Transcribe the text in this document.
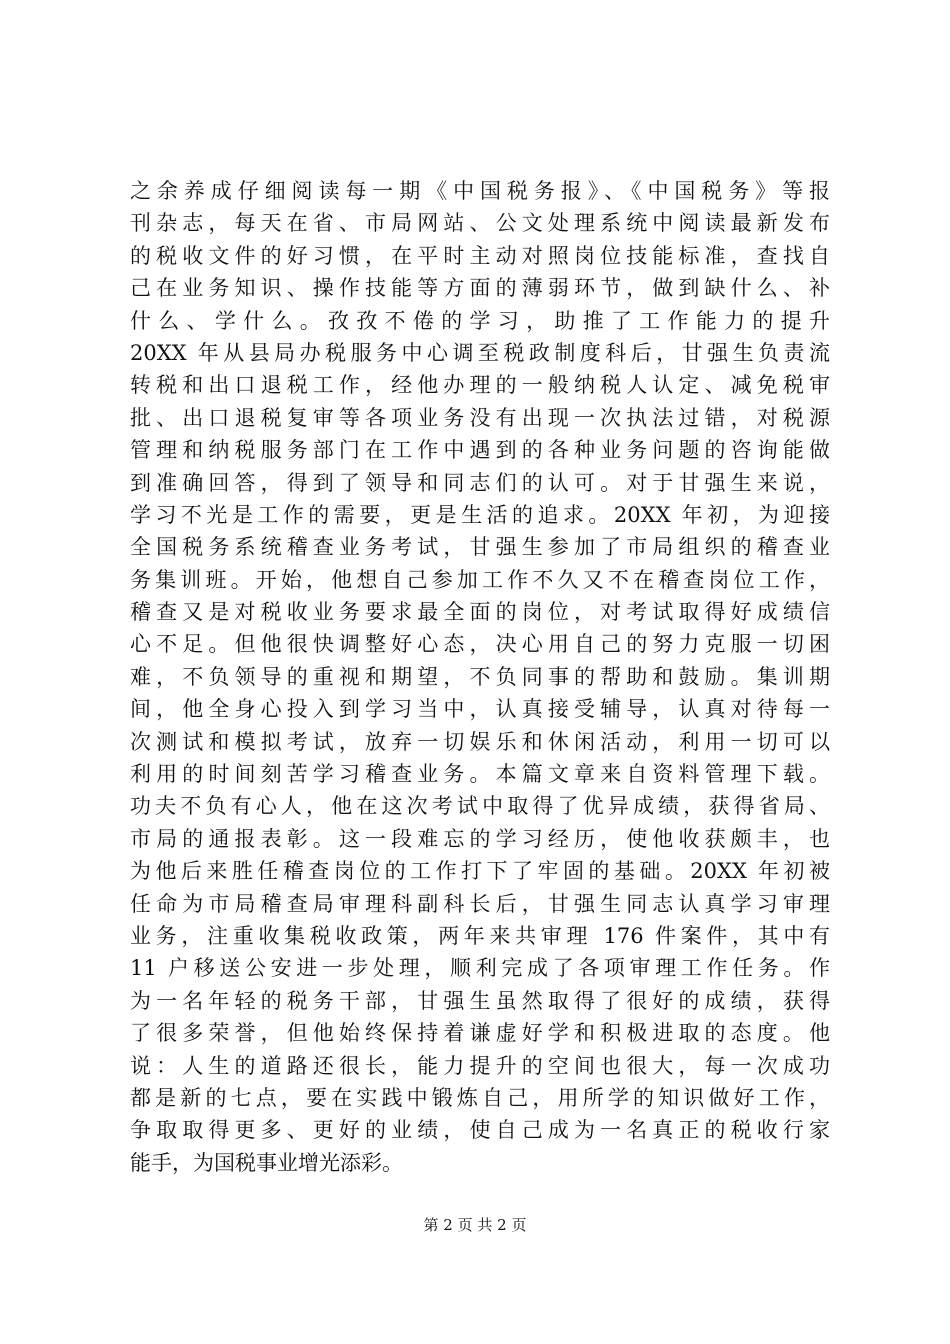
之余养成仔细阅读每一期《中国税务报》、《中国税务》等报
刊杂志，每天在省、市局网站、公文处理系统中阅读最新发布
的税收文件的好习惯，在平时主动对照岗位技能标准，查找自
己在业务知识、操作技能等方面的薄弱环节，做到缺什么、补
什么、学什么。孜孜不倦的学习，助推了工作能力的提升
20XX 年从县局办税服务中心调至税政制度科后，甘强生负责流
转税和出口退税工作，经他办理的一般纳税人认定、减免税审
批、出口退税复审等各项业务没有出现一次执法过错，对税源
管理和纳税服务部门在工作中遇到的各种业务问题的咨询能做
到准确回答，得到了领导和同志们的认可。对于甘强生来说，
学习不光是工作的需要，更是生活的追求。20XX 年初，为迎接
全国税务系统稽查业务考试，甘强生参加了市局组织的稽查业
务集训班。开始，他想自己参加工作不久又不在稽查岗位工作，
稽查又是对税收业务要求最全面的岗位，对考试取得好成绩信
心不足。但他很快调整好心态，决心用自己的努力克服一切困
难，不负领导的重视和期望，不负同事的帮助和鼓励。集训期
间，他全身心投入到学习当中，认真接受辅导，认真对待每一
次测试和模拟考试，放弃一切娱乐和休闲活动，利用一切可以
利用的时间刻苦学习稽查业务。本篇文章来自资料管理下载。
功夫不负有心人，他在这次考试中取得了优异成绩，获得省局、
市局的通报表彰。这一段难忘的学习经历，使他收获颇丰，也
为他后来胜任稽查岗位的工作打下了牢固的基础。20XX 年初被
任命为市局稽查局审理科副科长后，甘强生同志认真学习审理
业务，注重收集税收政策，两年来共审理 176 件案件，其中有
11 户移送公安进一步处理，顺利完成了各项审理工作任务。作
为一名年轻的税务干部，甘强生虽然取得了很好的成绩，获得
了很多荣誉，但他始终保持着谦虚好学和积极进取的态度。他
说：人生的道路还很长，能力提升的空间也很大，每一次成功
都是新的七点，要在实践中锻炼自己，用所学的知识做好工作，
争取取得更多、更好的业绩，使自己成为一名真正的税收行家
能手，为国税事业增光添彩。
第 2 页 共 2 页
